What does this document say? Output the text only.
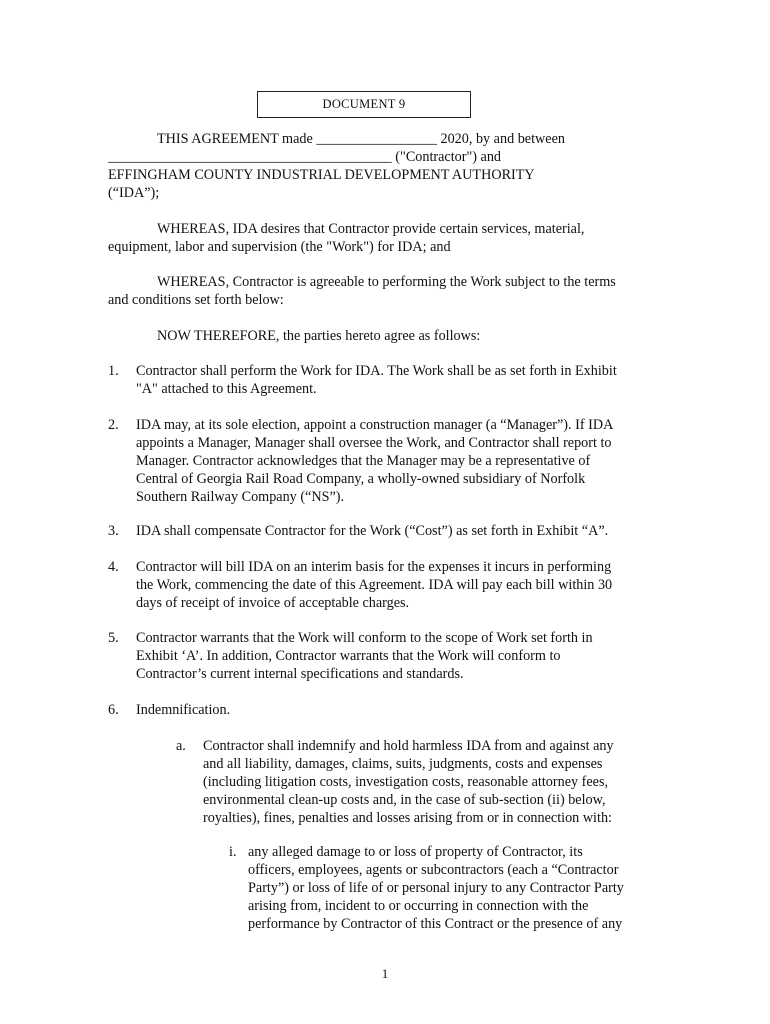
DOCUMENT 9
THIS AGREEMENT made _________________ 2020, by and between
________________________________________ ("Contractor") and
EFFINGHAM COUNTY INDUSTRIAL DEVELOPMENT AUTHORITY
(“IDA”);
WHEREAS, IDA desires that Contractor provide certain services, material,
equipment, labor and supervision (the "Work") for IDA; and
WHEREAS, Contractor is agreeable to performing the Work subject to the terms
and conditions set forth below:
NOW THEREFORE, the parties hereto agree as follows:
1.	Contractor shall perform the Work for IDA. The Work shall be as set forth in Exhibit
"A" attached to this Agreement.
2.	IDA may, at its sole election, appoint a construction manager (a “Manager”). If IDA
appoints a Manager, Manager shall oversee the Work, and Contractor shall report to
Manager. Contractor acknowledges that the Manager may be a representative of
Central of Georgia Rail Road Company, a wholly-owned subsidiary of Norfolk
Southern Railway Company (“NS”).
3.	IDA shall compensate Contractor for the Work (“Cost”) as set forth in Exhibit “A”.
4.	Contractor will bill IDA on an interim basis for the expenses it incurs in performing
the Work, commencing the date of this Agreement. IDA will pay each bill within 30
days of receipt of invoice of acceptable charges.
5.	Contractor warrants that the Work will conform to the scope of Work set forth in
Exhibit ‘A’. In addition, Contractor warrants that the Work will conform to
Contractor’s current internal specifications and standards.
6.	Indemnification.
a.	Contractor shall indemnify and hold harmless IDA from and against any
and all liability, damages, claims, suits, judgments, costs and expenses
(including litigation costs, investigation costs, reasonable attorney fees,
environmental clean-up costs and, in the case of sub-section (ii) below,
royalties), fines, penalties and losses arising from or in connection with:
i. any alleged damage to or loss of property of Contractor, its
officers, employees, agents or subcontractors (each a “Contractor
Party”) or loss of life of or personal injury to any Contractor Party
arising from, incident to or occurring in connection with the
performance by Contractor of this Contract or the presence of any
1
